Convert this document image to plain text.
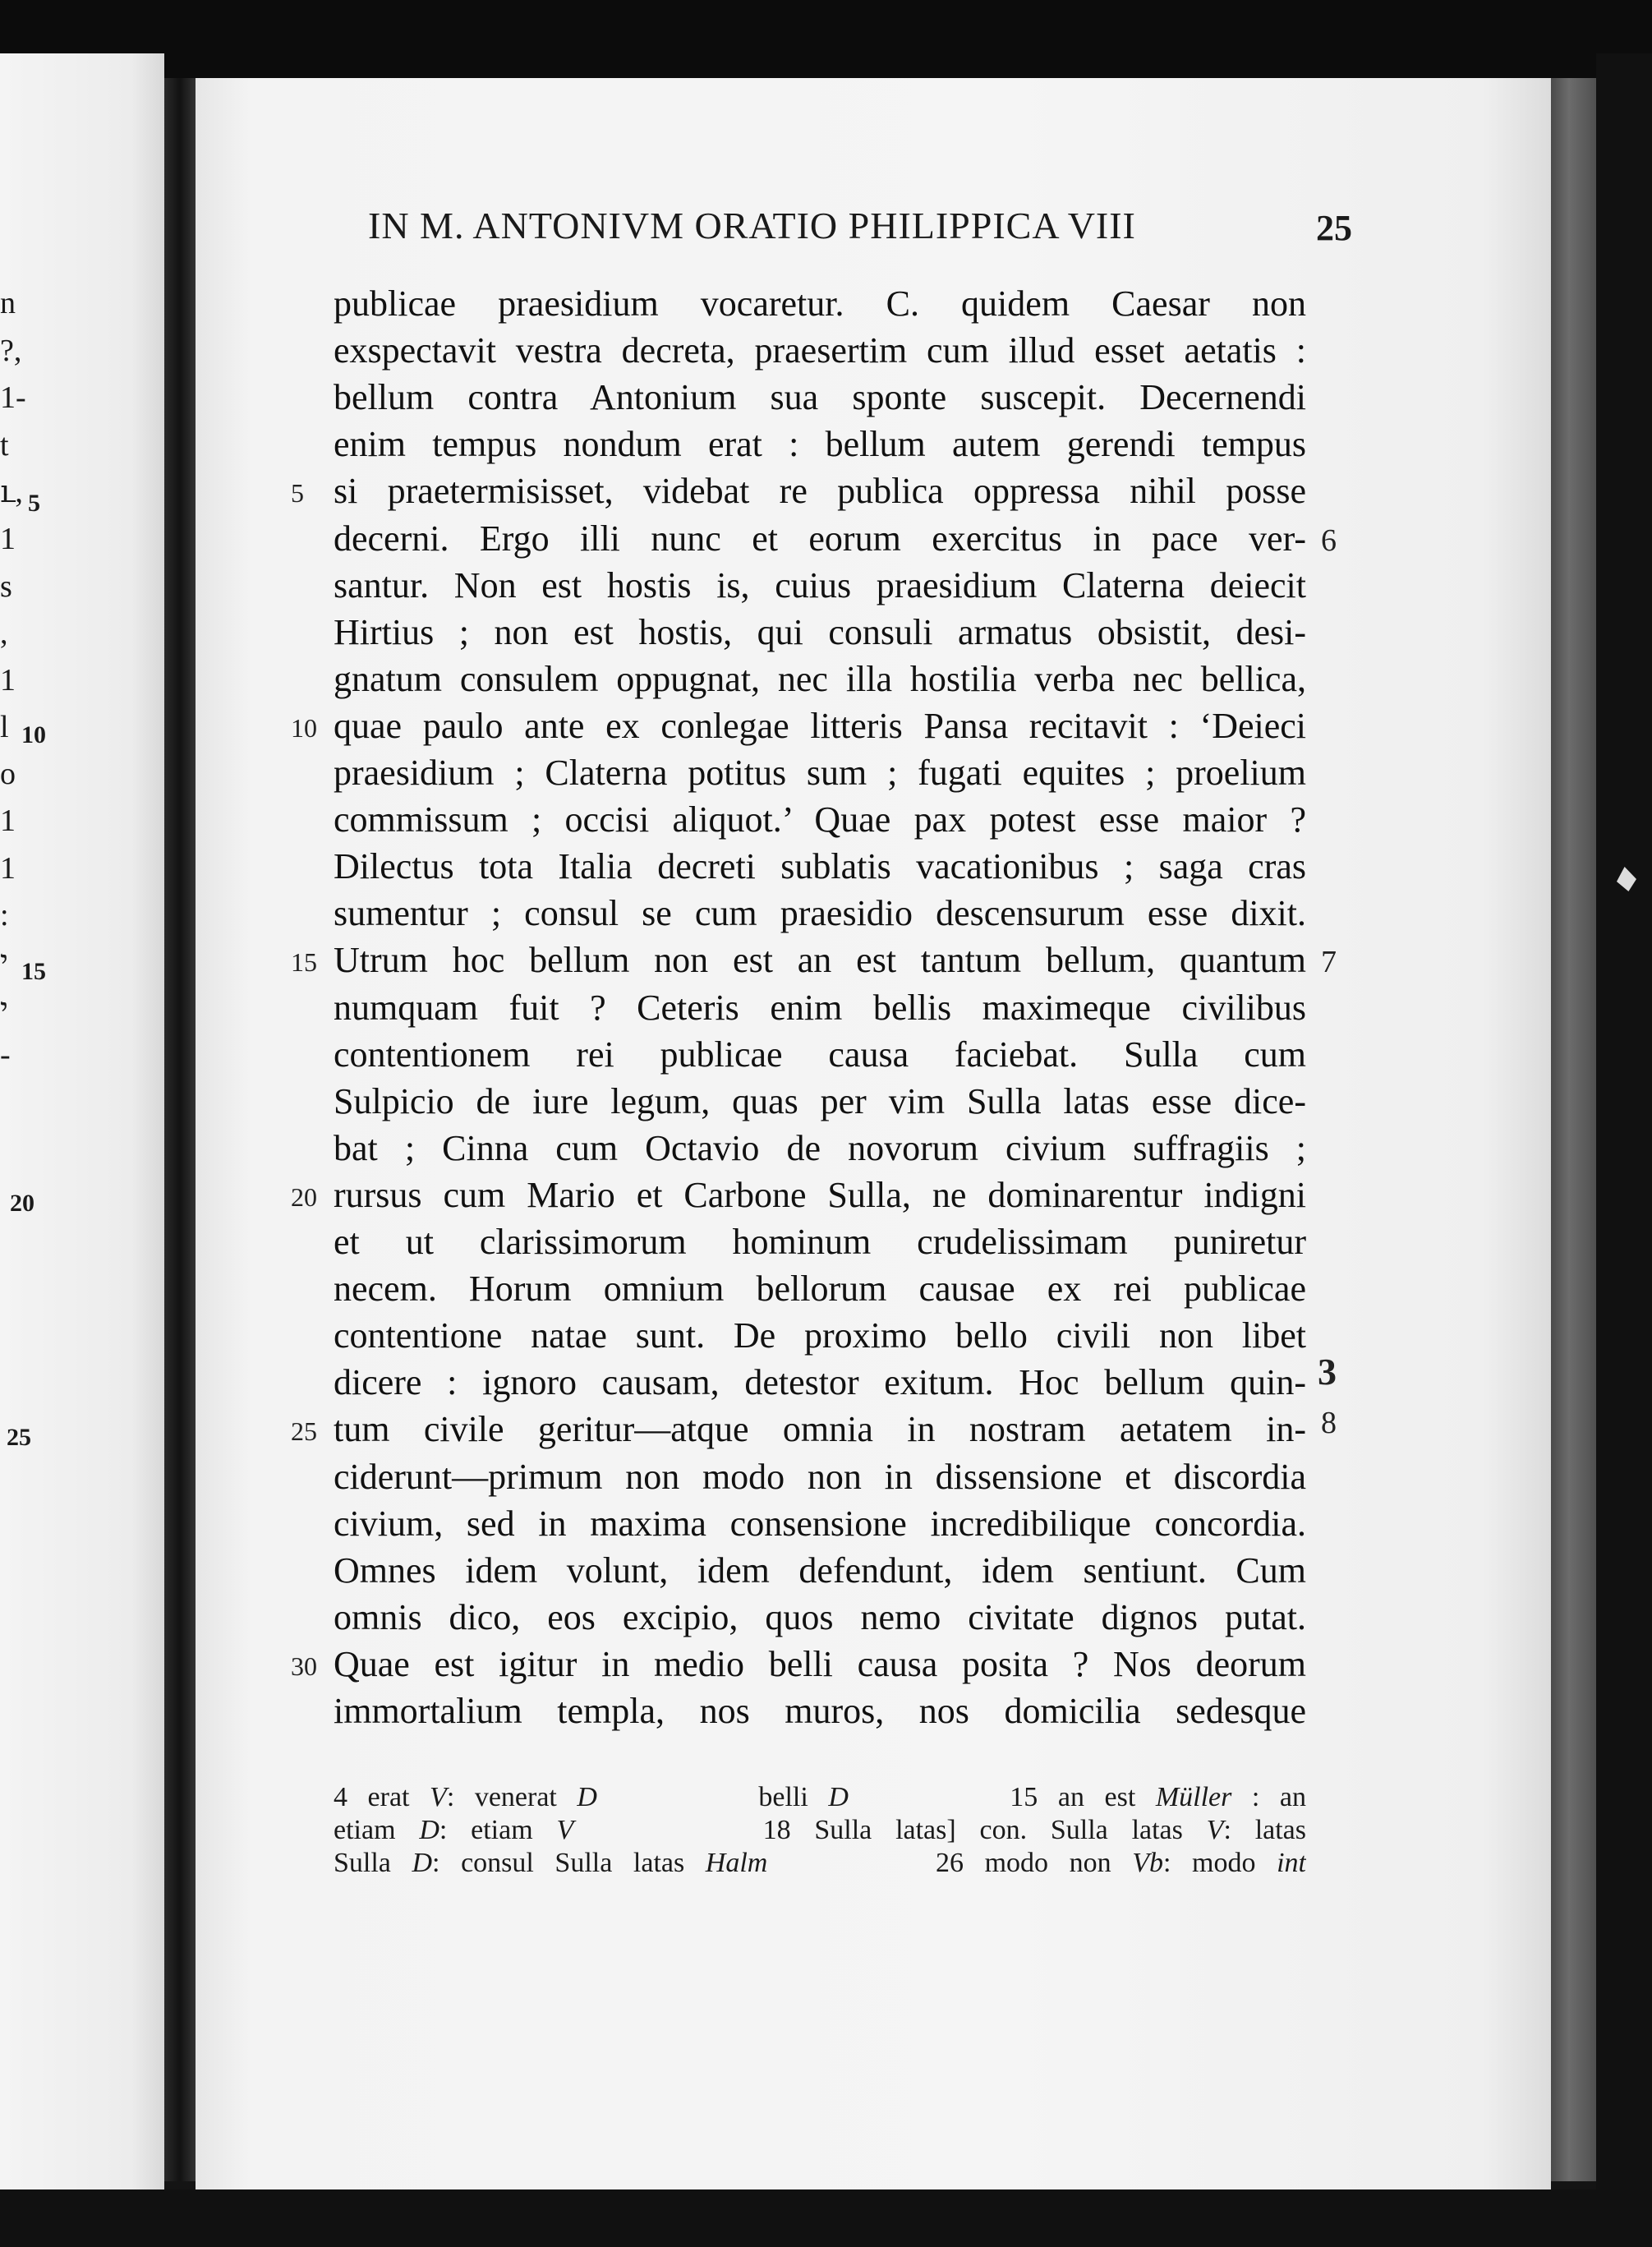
n
?,
1-
t
ւ,
1
s
,
1
l
о
1
1
:
י
י
-
5
10
15
20
25
IN M. ANTONIVM ORATIO PHILIPPICA VIII	25
publicae praesidium vocaretur. C. quidem Caesar non
exspectavit vestra decreta, praesertim cum illud esset aetatis :
bellum contra Antonium sua sponte suscepit. Decernendi
enim tempus nondum erat : bellum autem gerendi tempus
si praetermisisset, videbat re publica oppressa nihil posse
decerni. Ergo illi nunc et eorum exercitus in pace ver-
santur. Non est hostis is, cuius praesidium Claterna deiecit
Hirtius ; non est hostis, qui consuli armatus obsistit, desi-
gnatum consulem oppugnat, nec illa hostilia verba nec bellica,
quae paulo ante ex conlegae litteris Pansa recitavit : ‘Deieci
praesidium ; Claterna potitus sum ; fugati equites ; proelium
commissum ; occisi aliquot.’ Quae pax potest esse maior ?
Dilectus tota Italia decreti sublatis vacationibus ; saga cras
sumentur ; consul se cum praesidio descensurum esse dixit.
Utrum hoc bellum non est an est tantum bellum, quantum
numquam fuit ? Ceteris enim bellis maximeque civilibus
contentionem rei publicae causa faciebat. Sulla cum
Sulpicio de iure legum, quas per vim Sulla latas esse dice-
bat ; Cinna cum Octavio de novorum civium suffragiis ;
rursus cum Mario et Carbone Sulla, ne dominarentur indigni
et ut clarissimorum hominum crudelissimam puniretur
necem. Horum omnium bellorum causae ex rei publicae
contentione natae sunt. De proximo bello civili non libet
dicere : ignoro causam, detestor exitum. Hoc bellum quin-
tum civile geritur—atque omnia in nostram aetatem in-
ciderunt—primum non modo non in dissensione et discordia
civium, sed in maxima consensione incredibilique concordia.
Omnes idem volunt, idem defendunt, idem sentiunt. Cum
omnis dico, eos excipio, quos nemo civitate dignos putat.
Quae est igitur in medio belli causa posita ? Nos deorum
immortalium templa, nos muros, nos domicilia sedesque
5
10
15
20
25
30
6
7
3
8
4 erat V: venerat D        belli D        15 an est Müller : an
etiam D: etiam V        18 Sulla latas] con. Sulla latas V: latas
Sulla D: consul Sulla latas Halm        26 modo non Vb: modo int
